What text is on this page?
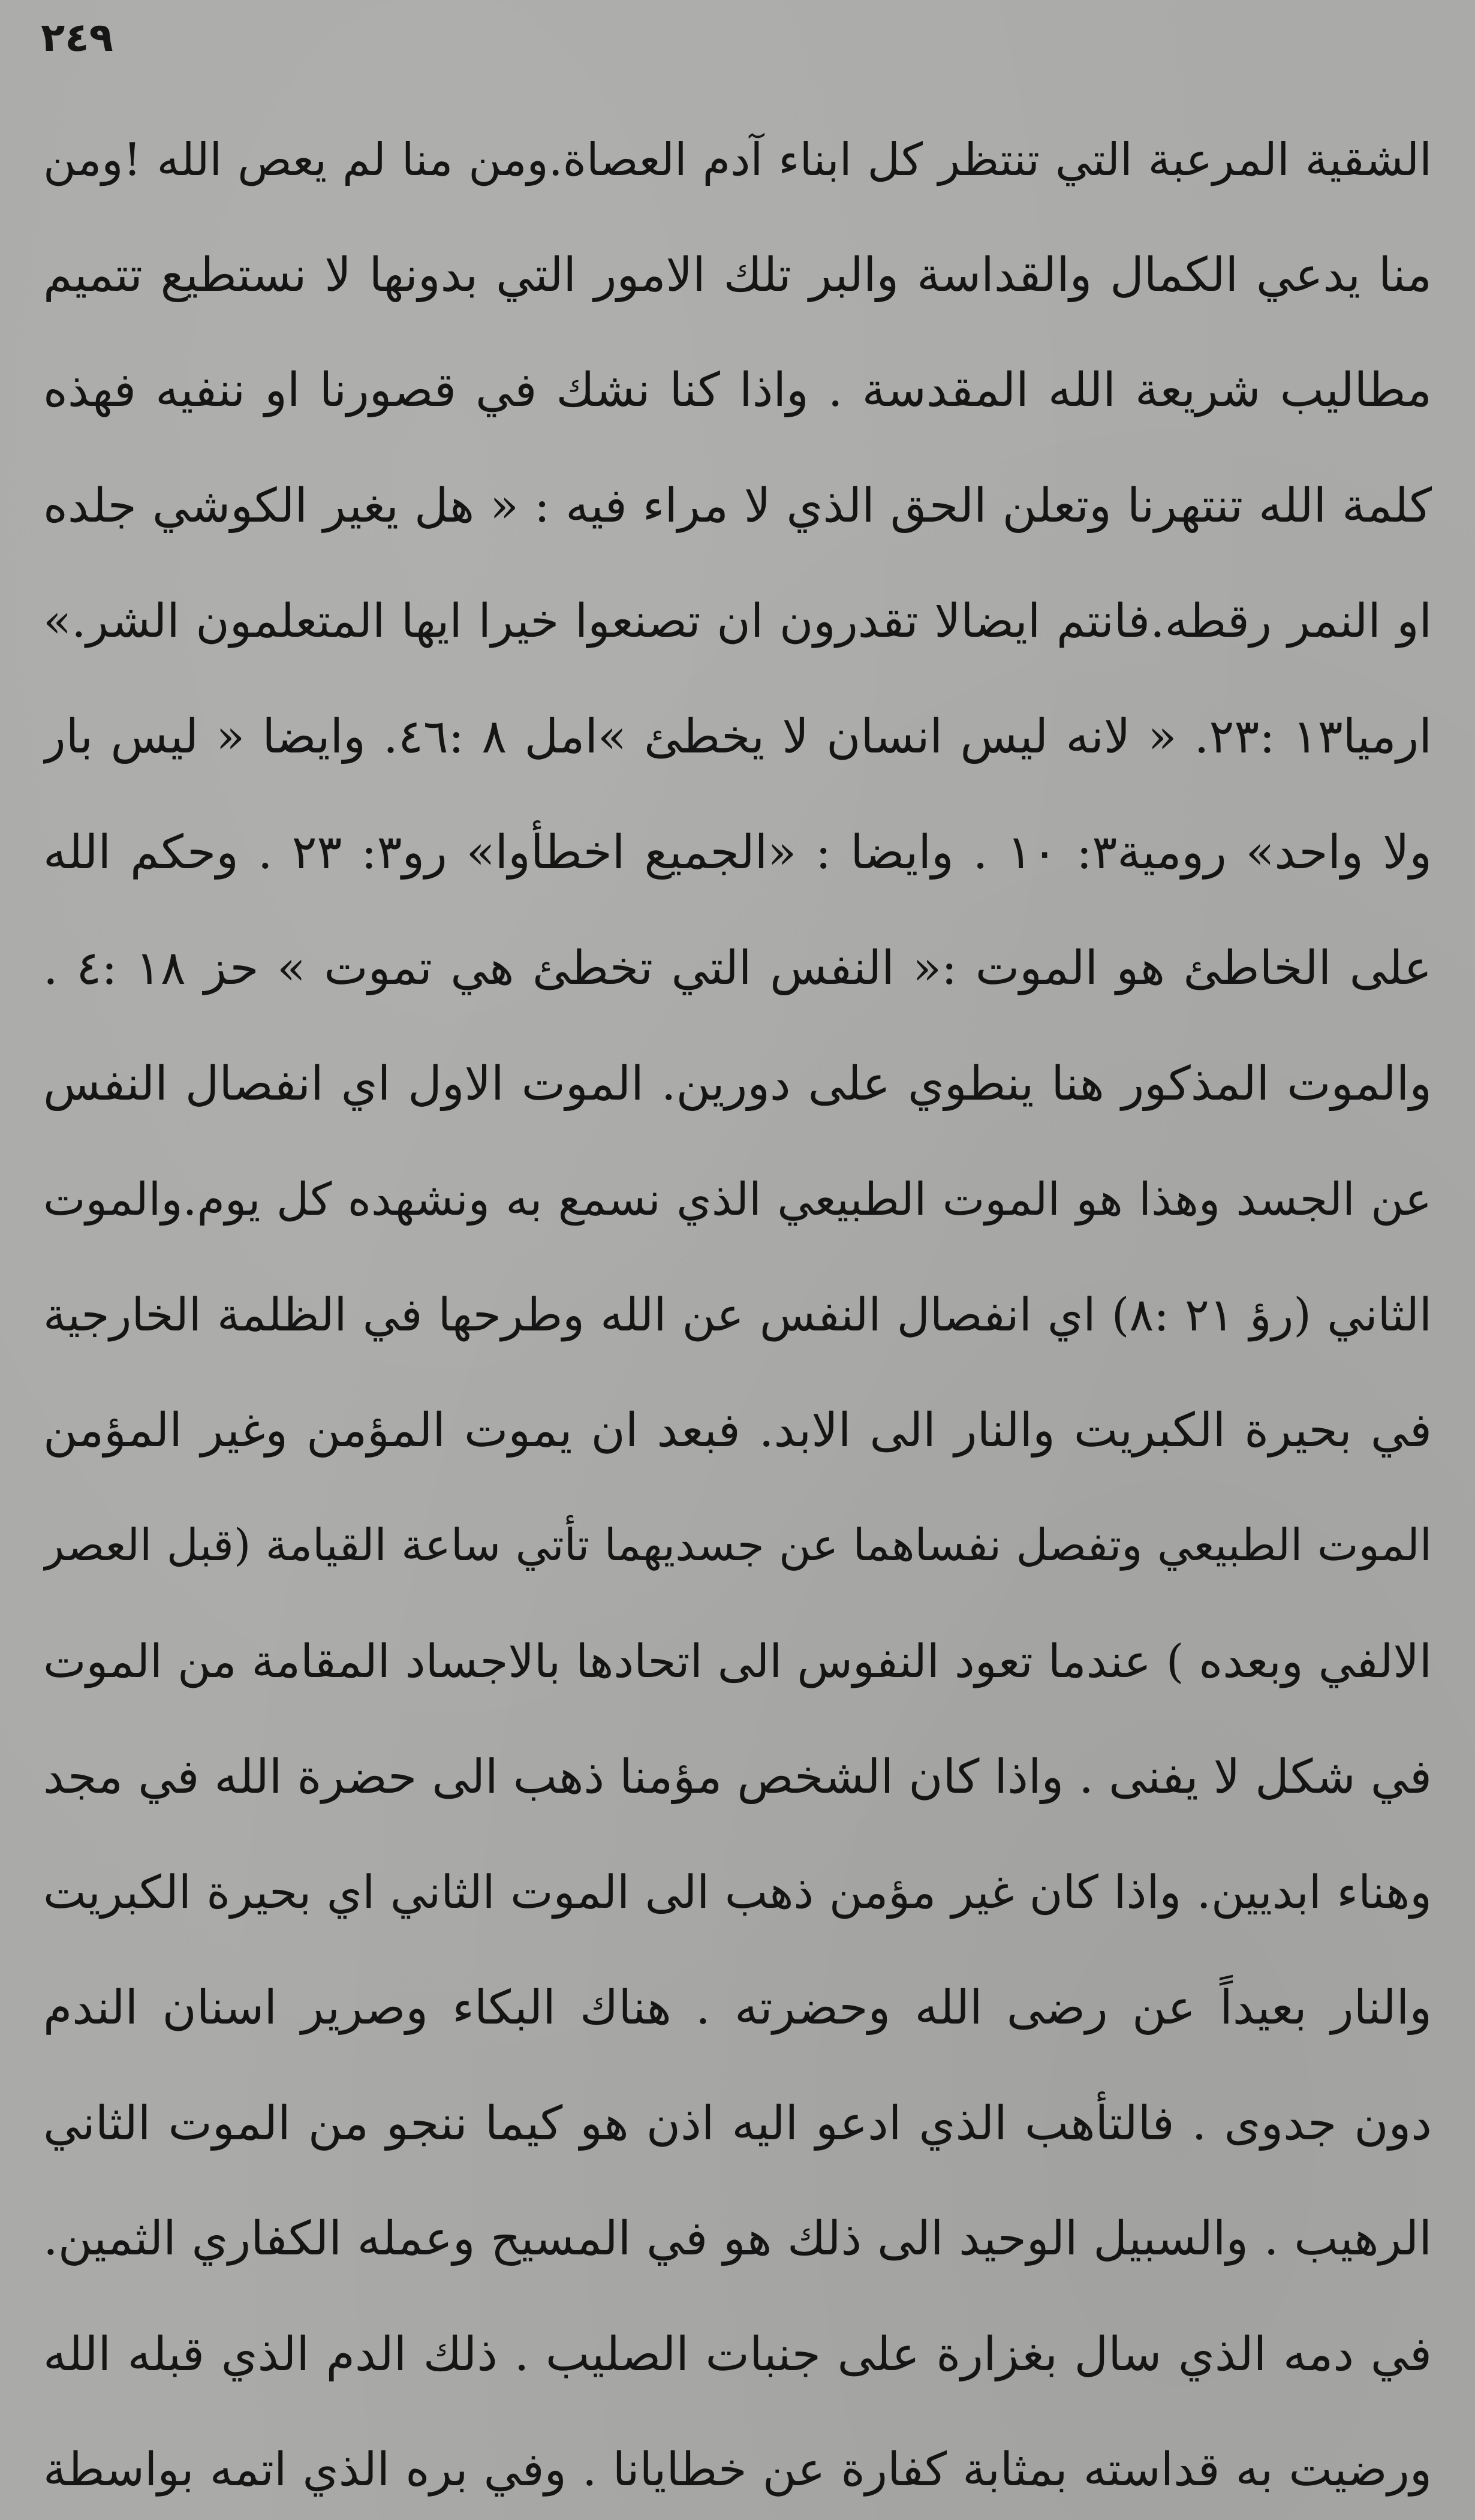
٢٤٩
الشقية المرعبة التي تنتظر كل ابناء آدم العصاة.ومن منا لم يعص الله !ومن
منا يدعي الكمال والقداسة والبر تلك الامور التي بدونها لا نستطيع تتميم
مطاليب شريعة الله المقدسة . واذا كنا نشك في قصورنا او ننفيه فهذه
كلمة الله تنتهرنا وتعلن الحق الذي لا مراء فيه : « هل يغير الكوشي جلده
او النمر رقطه.فانتم ايضالا تقدرون ان تصنعوا خيرا ايها المتعلمون الشر.»
ارميا١٣ :٢٣. « لانه ليس انسان لا يخطئ »امل ٨ :٤٦. وايضا « ليس بار
ولا واحد» رومية٣: ١٠ . وايضا : «الجميع اخطأوا» رو٣: ٢٣ . وحكم الله
على الخاطئ هو الموت :« النفس التي تخطئ هي تموت » حز ١٨ :٤ .
والموت المذكور هنا ينطوي على دورين. الموت الاول اي انفصال النفس
عن الجسد وهذا هو الموت الطبيعي الذي نسمع به ونشهده كل يوم.والموت
الثاني (رؤ ٢١ :٨) اي انفصال النفس عن الله وطرحها في الظلمة الخارجية
في بحيرة الكبريت والنار الى الابد. فبعد ان يموت المؤمن وغير المؤمن
الموت الطبيعي وتفصل نفساهما عن جسديهما تأتي ساعة القيامة (قبل العصر
الالفي وبعده ) عندما تعود النفوس الى اتحادها بالاجساد المقامة من الموت
في شكل لا يفنى . واذا كان الشخص مؤمنا ذهب الى حضرة الله في مجد
وهناء ابديين. واذا كان غير مؤمن ذهب الى الموت الثاني اي بحيرة الكبريت
والنار بعيداً عن رضى الله وحضرته . هناك البكاء وصرير اسنان الندم
دون جدوى . فالتأهب الذي ادعو اليه اذن هو كيما ننجو من الموت الثاني
الرهيب . والسبيل الوحيد الى ذلك هو في المسيح وعمله الكفاري الثمين.
في دمه الذي سال بغزارة على جنبات الصليب . ذلك الدم الذي قبله الله
ورضيت به قداسته بمثابة كفارة عن خطايانا . وفي بره الذي اتمه بواسطة
